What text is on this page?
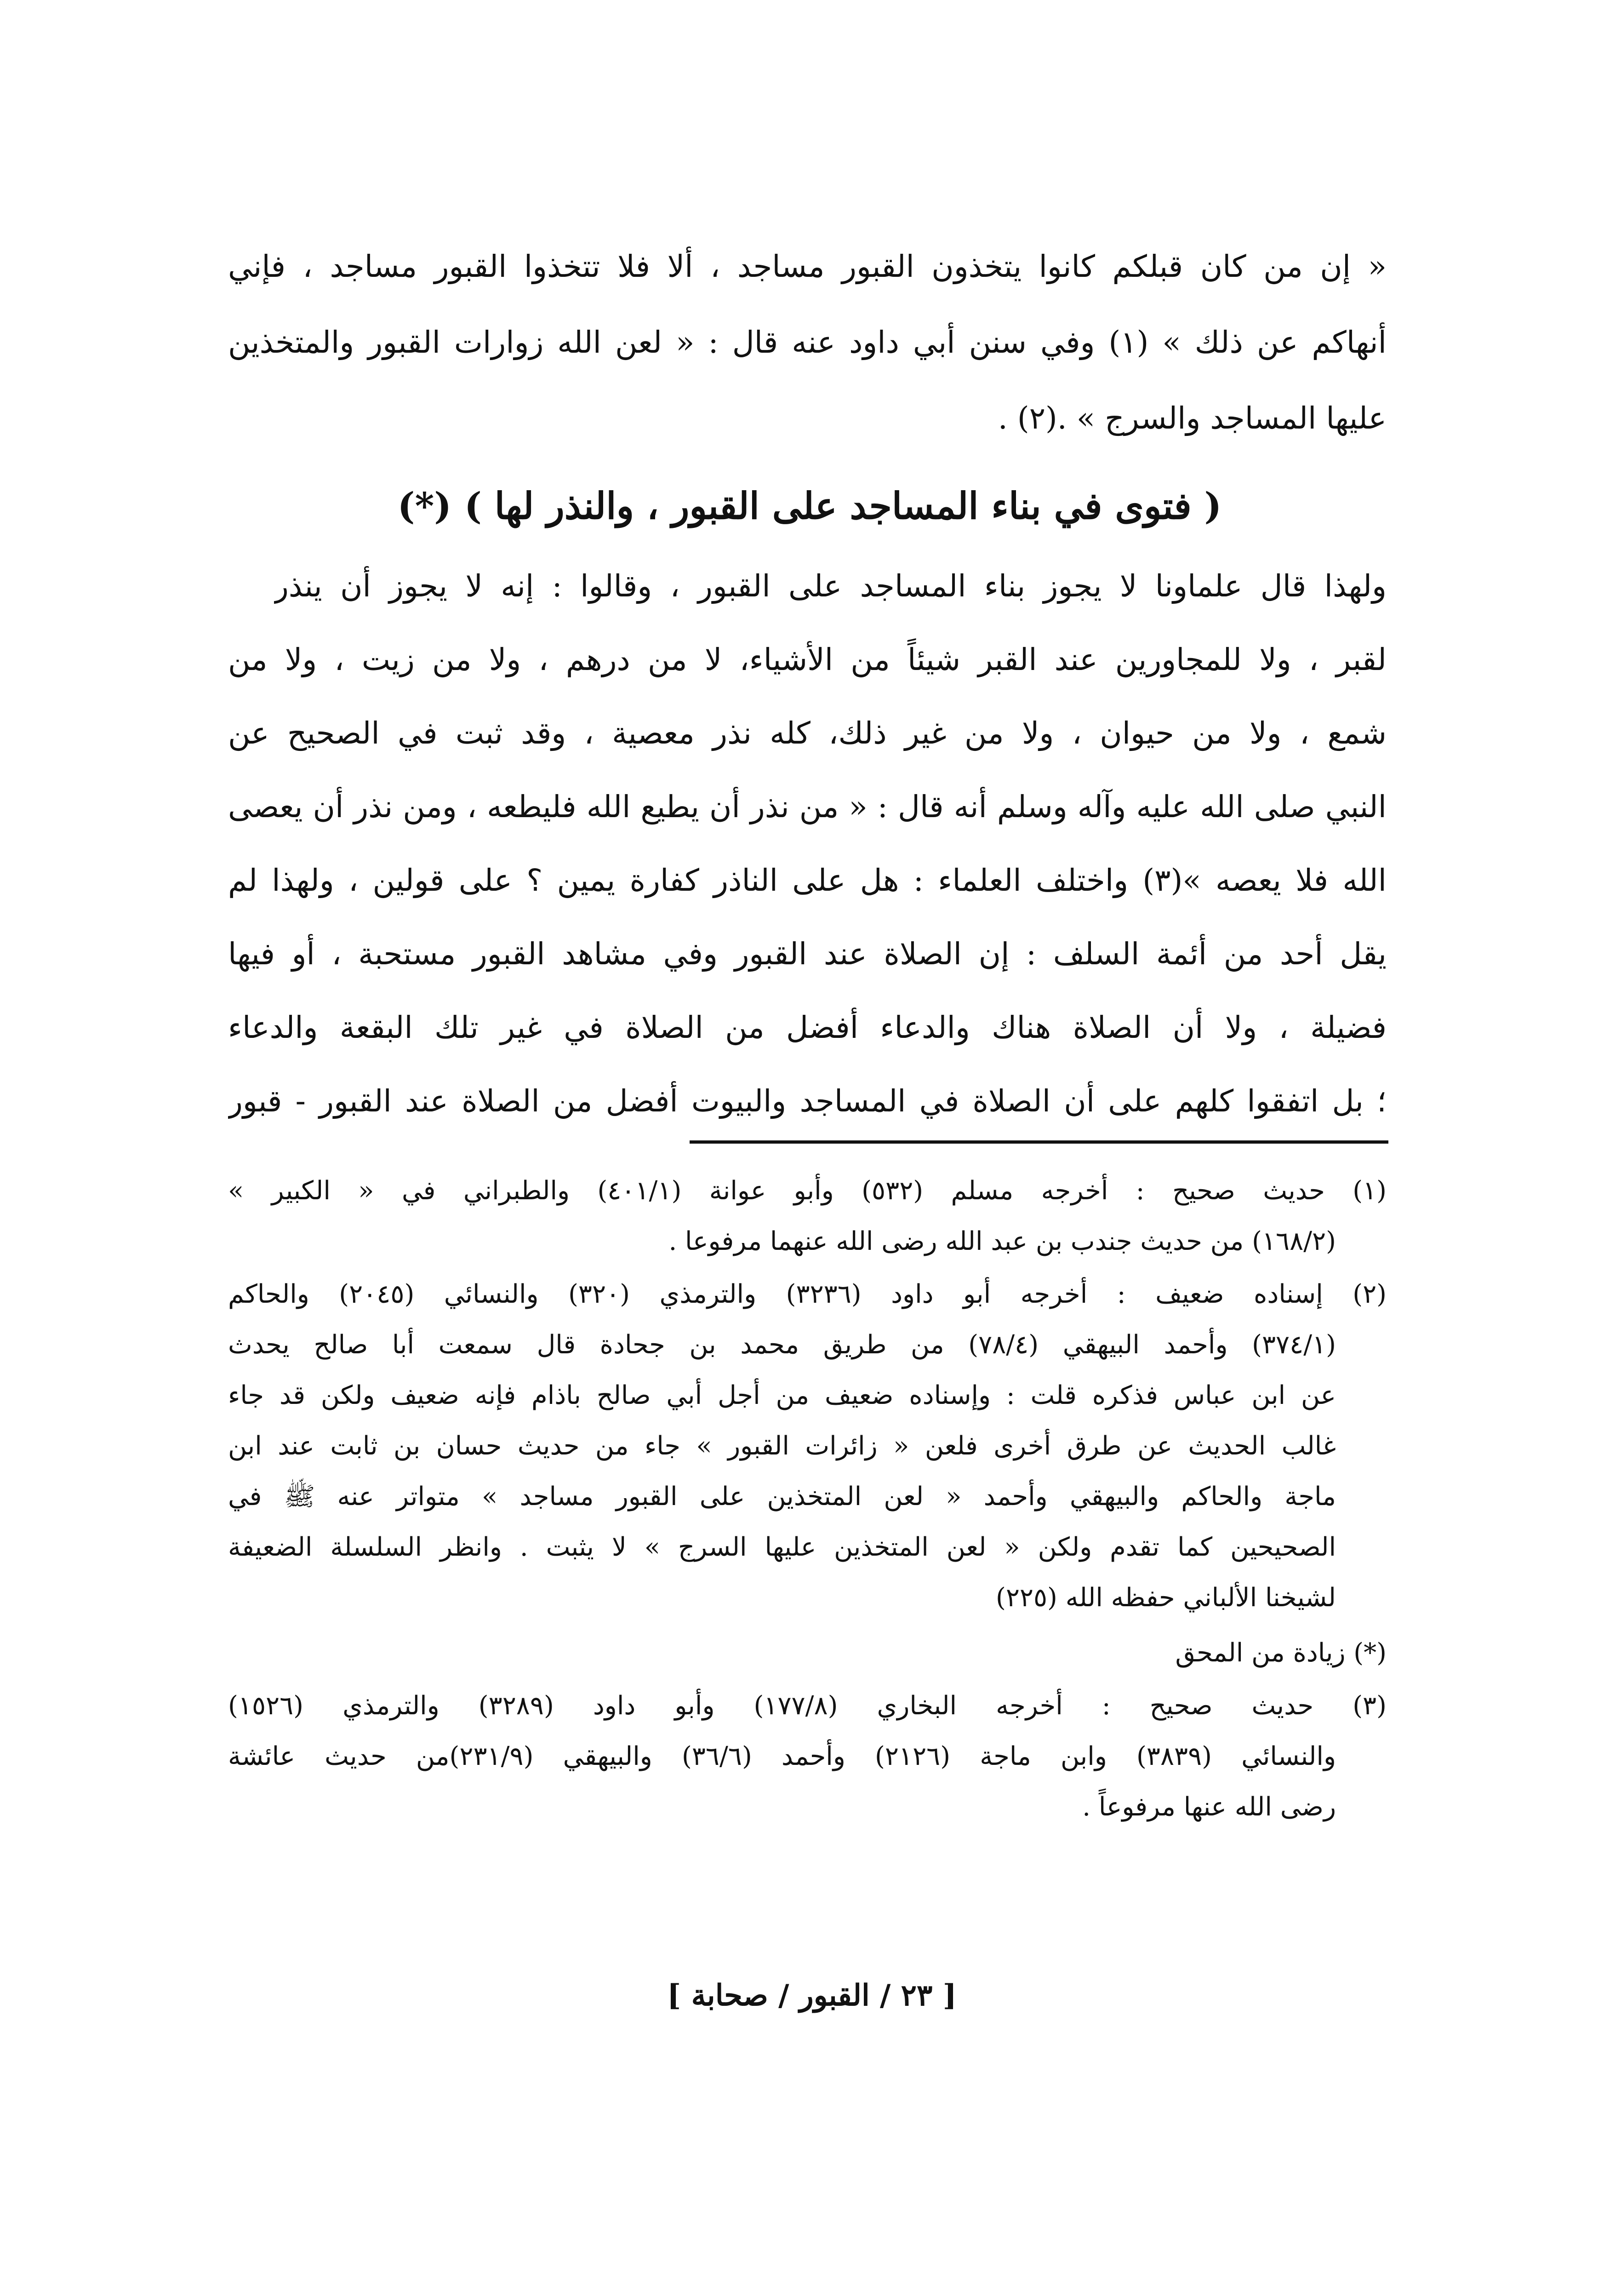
« إن من كان قبلكم كانوا يتخذون القبور مساجد ، ألا فلا تتخذوا القبور مساجد ، فإني
أنهاكم عن ذلك » (١) وفي سنن أبي داود عنه قال : « لعن الله زوارات القبور والمتخذين
عليها المساجد والسرج » .(٢) .
( فتوى في بناء المساجد على القبور ، والنذر لها ) (*)
ولهذا قال علماونا لا يجوز بناء المساجد على القبور ، وقالوا : إنه لا يجوز أن ينذر
لقبر ، ولا للمجاورين عند القبر شيئاً من الأشياء، لا من درهم ، ولا من زيت ، ولا من
شمع ، ولا من حيوان ، ولا من غير ذلك، كله نذر معصية ، وقد ثبت في الصحيح عن
النبي صلى الله عليه وآله وسلم أنه قال : « من نذر أن يطيع الله فليطعه ، ومن نذر أن يعصى
الله فلا يعصه »(٣) واختلف العلماء : هل على الناذر كفارة يمين ؟ على قولين ، ولهذا لم
يقل أحد من أئمة السلف : إن الصلاة عند القبور وفي مشاهد القبور مستحبة ، أو فيها
فضيلة ، ولا أن الصلاة هناك والدعاء أفضل من الصلاة في غير تلك البقعة والدعاء
؛ بل اتفقوا كلهم على أن الصلاة في المساجد والبيوت أفضل من الصلاة عند القبور - قبور
(١) حديث صحيح : أخرجه مسلم (٥٣٢) وأبو عوانة (٤٠١/١) والطبراني في « الكبير »
(١٦٨/٢) من حديث جندب بن عبد الله رضى الله عنهما مرفوعا .
(٢) إسناده ضعيف : أخرجه أبو داود (٣٢٣٦) والترمذي (٣٢٠) والنسائي (٢٠٤٥) والحاكم
(٣٧٤/١) وأحمد البيهقي (٧٨/٤) من طريق محمد بن جحادة قال سمعت أبا صالح يحدث
عن ابن عباس فذكره قلت : وإسناده ضعيف من أجل أبي صالح باذام فإنه ضعيف ولكن قد جاء
غالب الحديث عن طرق أخرى فلعن « زائرات القبور » جاء من حديث حسان بن ثابت عند ابن
ماجة والحاكم والبيهقي وأحمد « لعن المتخذين على القبور مساجد » متواتر عنه ﷺ في
الصحيحين كما تقدم ولكن « لعن المتخذين عليها السرج » لا يثبت . وانظر السلسلة الضعيفة
لشيخنا الألباني حفظه الله (٢٢٥)
(*) زيادة من المحق
(٣) حديث صحيح : أخرجه البخاري (١٧٧/٨) وأبو داود (٣٢٨٩) والترمذي (١٥٢٦)
والنسائي (٣٨٣٩) وابن ماجة (٢١٢٦) وأحمد (٣٦/٦) والبيهقي (٢٣١/٩)من حديث عائشة
رضى الله عنها مرفوعاً .
[ ٢٣ / القبور / صحابة ]
